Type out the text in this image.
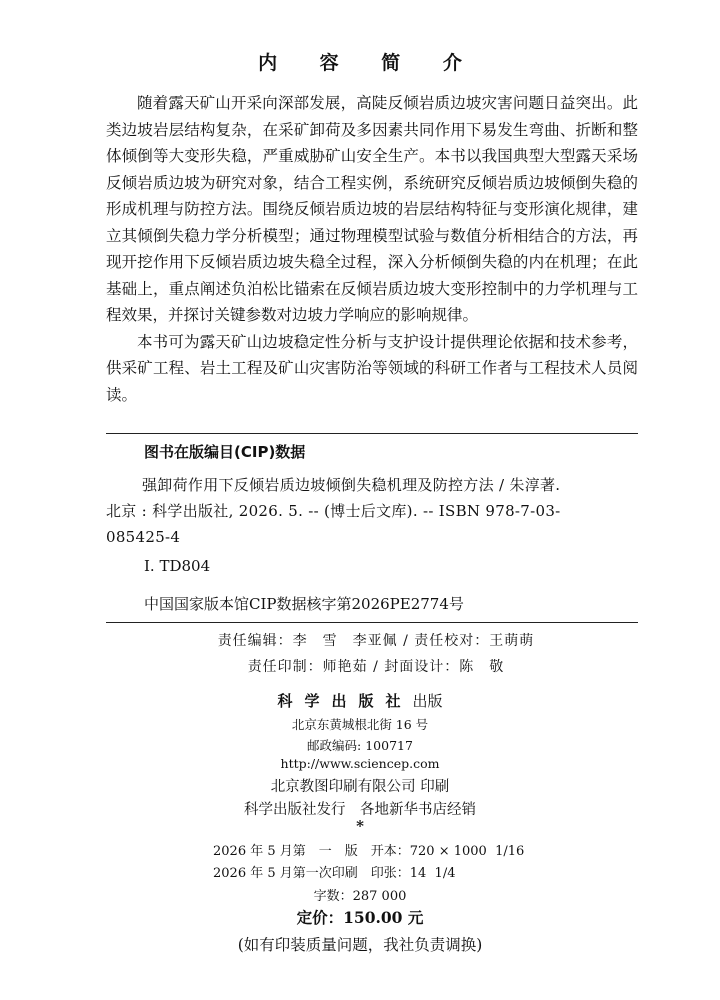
内 容 简 介

随着露天矿山开采向深部发展，高陡反倾岩质边坡灾害问题日益突出。此类边坡岩层结构复杂，在采矿卸荷及多因素共同作用下易发生弯曲、折断和整体倾倒等大变形失稳，严重威胁矿山安全生产。本书以我国典型大型露天采场反倾岩质边坡为研究对象，结合工程实例，系统研究反倾岩质边坡倾倒失稳的形成机理与防控方法。围绕反倾岩质边坡的岩层结构特征与变形演化规律，建立其倾倒失稳力学分析模型；通过物理模型试验与数值分析相结合的方法，再现开挖作用下反倾岩质边坡失稳全过程，深入分析倾倒失稳的内在机理；在此基础上，重点阐述负泊松比锚索在反倾岩质边坡大变形控制中的力学机理与工程效果，并探讨关键参数对边坡力学响应的影响规律。

本书可为露天矿山边坡稳定性分析与支护设计提供理论依据和技术参考，供采矿工程、岩土工程及矿山灾害防治等领域的科研工作者与工程技术人员阅读。

图书在版编目(CIP)数据
强卸荷作用下反倾岩质边坡倾倒失稳机理及防控方法 / 朱淳著.
北京 : 科学出版社, 2026. 5. -- (博士后文库). -- ISBN 978-7-03-
085425-4
Ⅰ. TD804
中国国家版本馆CIP数据核字第2026PE2774号
责任编辑：李　雪　李亚佩 / 责任校对：王萌萌
责任印制：师艳茹 / 封面设计：陈　敬
科学出版社出版
北京东黄城根北街 16 号
邮政编码: 100717
http://www.sciencep.com
北京教图印刷有限公司 印刷
科学出版社发行　各地新华书店经销
*
2026 年 5 月第　一　版　开本：720 × 1000  1/16
2026 年 5 月第一次印刷　印张：14  1/4
字数：287 000
定价：150.00 元
(如有印装质量问题，我社负责调换)
